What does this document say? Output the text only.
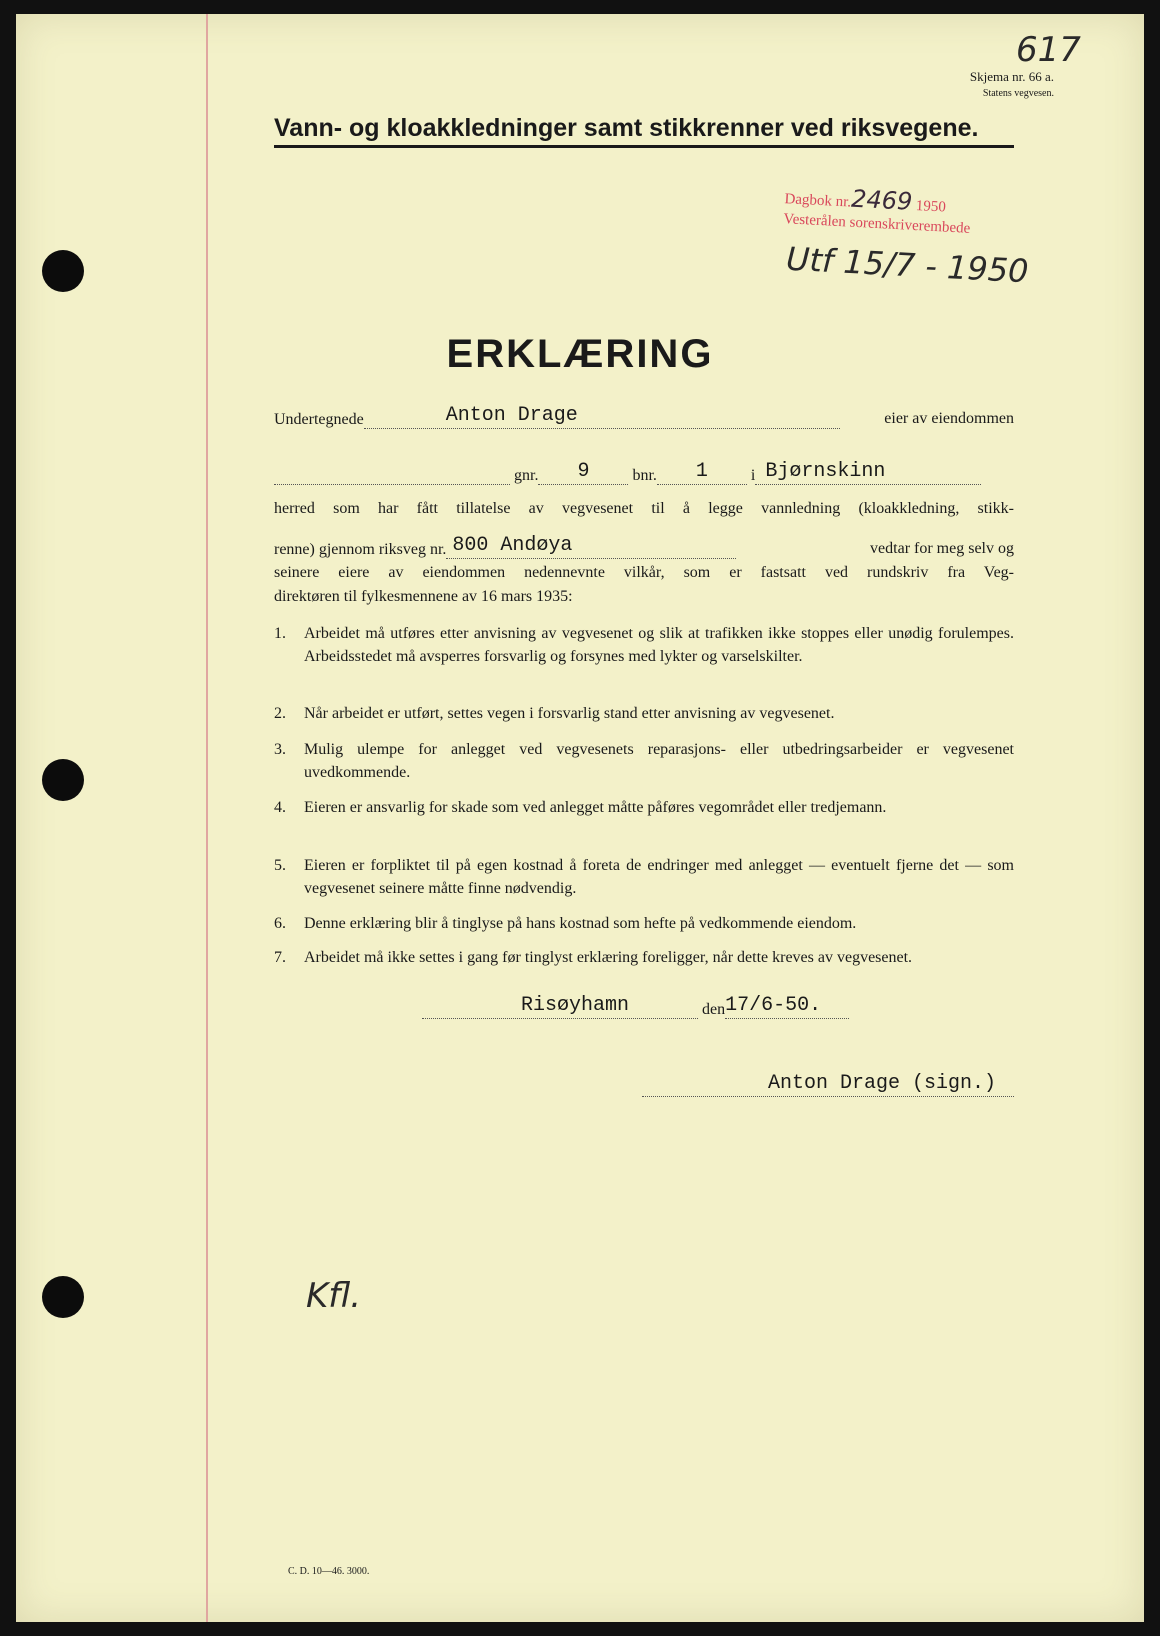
617
Skjema nr. 66 a.
Statens vegvesen.
Vann- og kloakkledninger samt stikkrenner ved riksvegene.
Dagbok nr.2469 1950
Vesterålen sorenskriverembede
Utf 15/7 - 1950
ERKLÆRING
Undertegnede	Anton Drage	eier av eiendommen
gnr.	9	bnr.	1	i Bjørnskinn
herred som har fått tillatelse av vegvesenet til å legge vannledning (kloakkledning, stikk-
renne) gjennom riksveg nr. 800 Andøya	vedtar for meg selv og
seinere eiere av eiendommen nedennevnte vilkår, som er fastsatt ved rundskriv fra Veg-
direktøren til fylkesmennene av 16 mars 1935:
1. Arbeidet må utføres etter anvisning av vegvesenet og slik at trafikken ikke stoppes eller unødig forulempes. Arbeidsstedet må avsperres forsvarlig og forsynes med lykter og varselskilter.
2. Når arbeidet er utført, settes vegen i forsvarlig stand etter anvisning av vegvesenet.
3. Mulig ulempe for anlegget ved vegvesenets reparasjons- eller utbedringsarbeider er vegvesenet uvedkommende.
4. Eieren er ansvarlig for skade som ved anlegget måtte påføres vegområdet eller tredjemann.
5. Eieren er forpliktet til på egen kostnad å foreta de endringer med anlegget — eventuelt fjerne det — som vegvesenet seinere måtte finne nødvendig.
6. Denne erklæring blir å tinglyse på hans kostnad som hefte på vedkommende eiendom.
7. Arbeidet må ikke settes i gang før tinglyst erklæring foreligger, når dette kreves av vegvesenet.
Risøyhamn	den 17/6-50.
Anton Drage (sign.)
Kfl.
C. D. 10—46. 3000.
